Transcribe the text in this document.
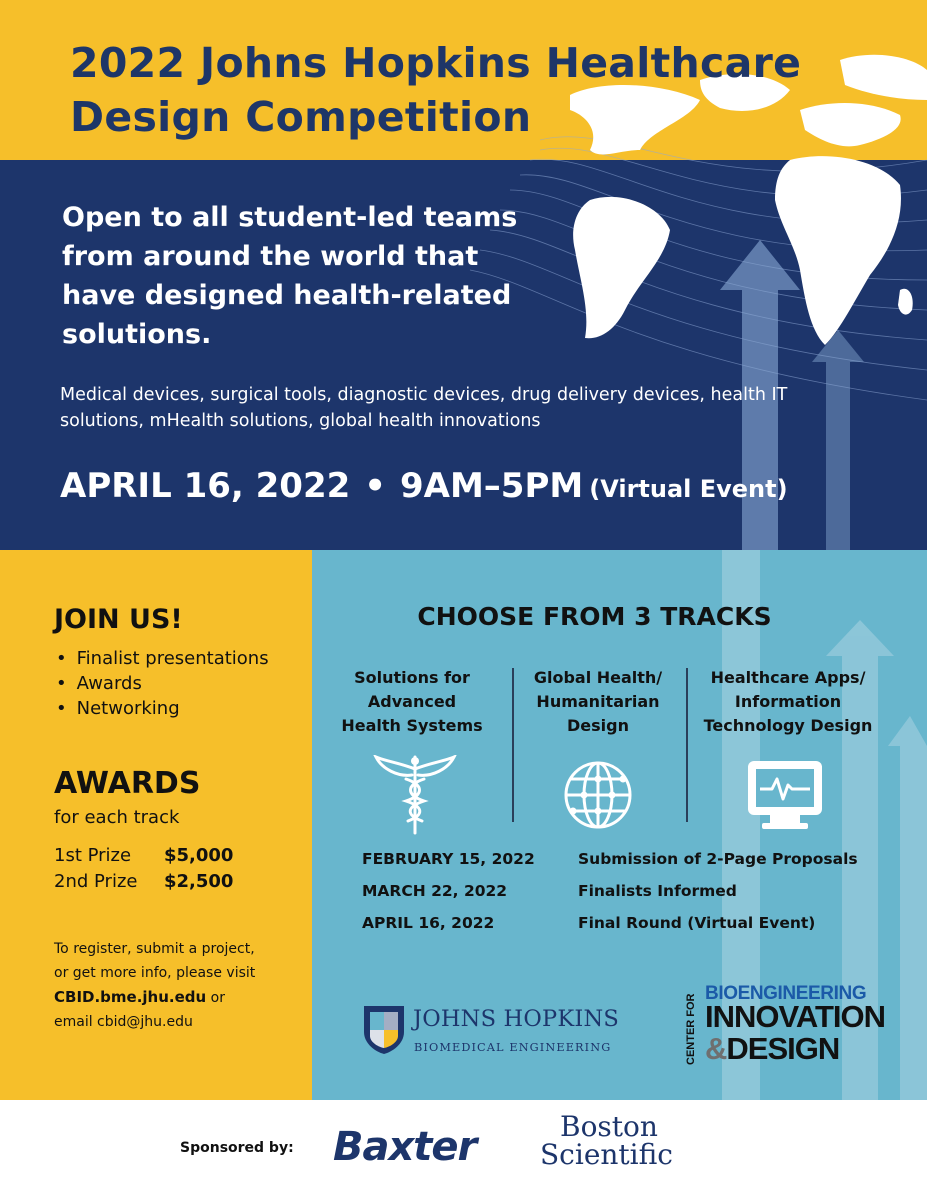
2022 Johns Hopkins Healthcare Design Competition
Open to all student-led teams from around the world that have designed health-related solutions.
Medical devices, surgical tools, diagnostic devices, drug delivery devices, health IT solutions, mHealth solutions, global health innovations
APRIL 16, 2022 • 9AM–5PM (Virtual Event)
JOIN US!
• Finalist presentations
• Awards
• Networking
AWARDS
for each track
1st Prize $5,000
2nd Prize $2,500
To register, submit a project,
or get more info, please visit
CBID.bme.jhu.edu or
email cbid@jhu.edu
CHOOSE FROM 3 TRACKS
Solutions for
Advanced
Health Systems
Global Health/
Humanitarian
Design
Healthcare Apps/
Information
Technology Design
FEBRUARY 15, 2022	Submission of 2-Page Proposals
MARCH 22, 2022	Finalists Informed
APRIL 16, 2022	Final Round (Virtual Event)
JOHNS HOPKINS
BIOMEDICAL ENGINEERING	CENTER FOR BIOENGINEERING
INNOVATION
&DESIGN
Sponsored by: Baxter	Boston
Scientific
